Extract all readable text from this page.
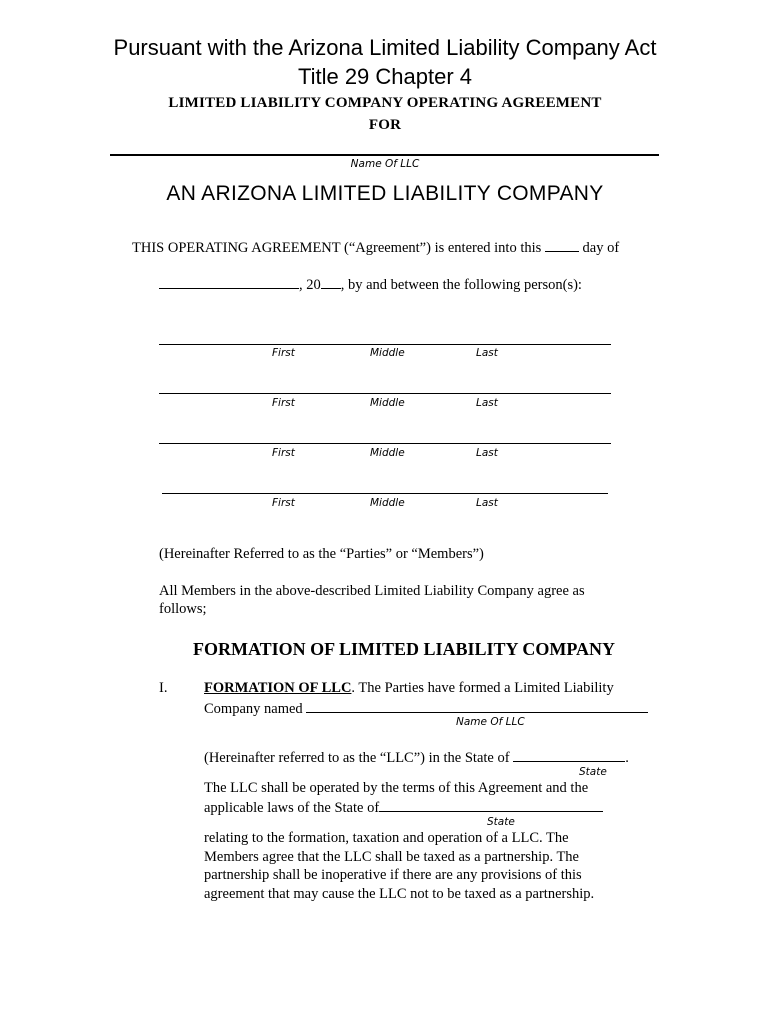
Pursuant with the Arizona Limited Liability Company Act
Title 29 Chapter 4
LIMITED LIABILITY COMPANY OPERATING AGREEMENT
FOR
Name Of LLC
AN ARIZONA LIMITED LIABILITY COMPANY
THIS OPERATING AGREEMENT (“Agreement”) is entered into this	day of
, 20 , by and between the following person(s):
First	Middle	Last
First	Middle	Last
First	Middle	Last
First	Middle	Last
(Hereinafter Referred to as the “Parties” or “Members”)
All Members in the above-described Limited Liability Company agree as
follows;
FORMATION OF LIMITED LIABILITY COMPANY
I.	FORMATION OF LLC. The Parties have formed a Limited Liability
Company named
Name Of LLC
(Hereinafter referred to as the “LLC”) in the State of	.
State
The LLC shall be operated by the terms of this Agreement and the
applicable laws of the State of
State
relating to the formation, taxation and operation of a LLC. The
Members agree that the LLC shall be taxed as a partnership. The
partnership shall be inoperative if there are any provisions of this
agreement that may cause the LLC not to be taxed as a partnership.
